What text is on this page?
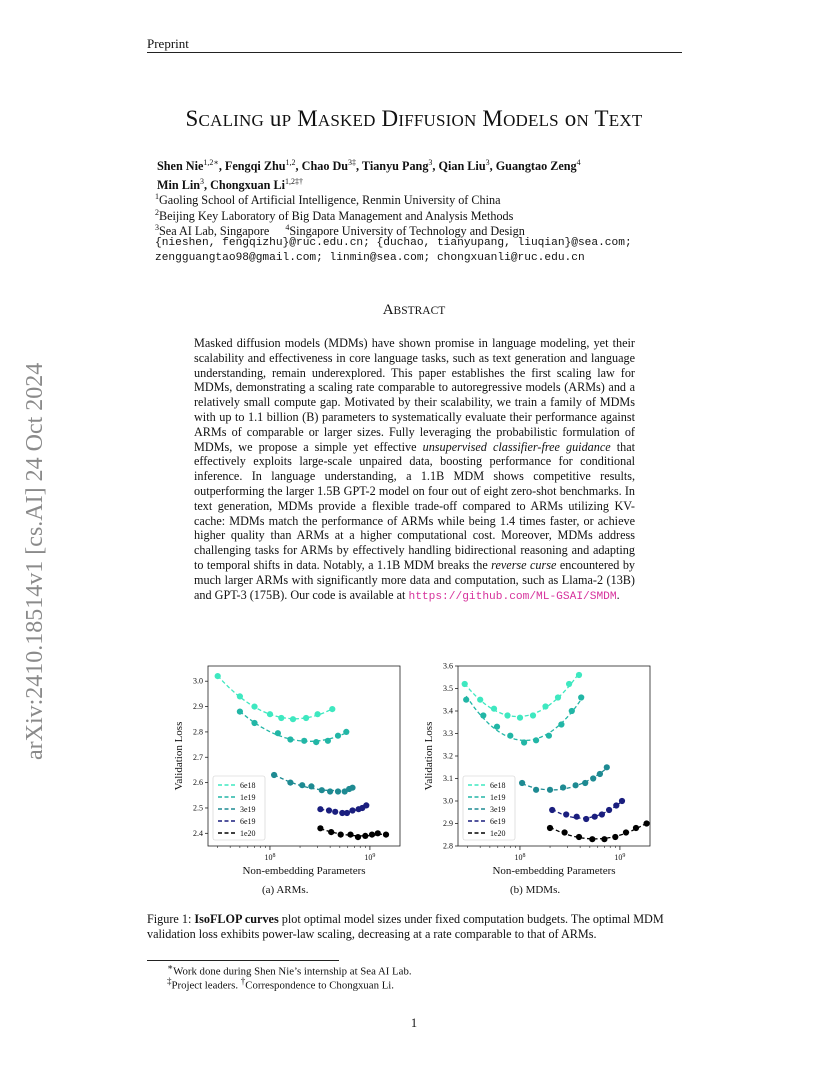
Preprint
SCALING uP MASKED DIFFUSION MODELS oN TEXT
Shen Nie$^{1,2∗}$, Fengqi Zhu$^{1,2}$, Chao $Du^{3\ddagger}$, Tianyu Pang$^3$, Qian Liu$^3$, Guangtao Zeng$^4$
Min Lin$^3$, Chongxuan $Li^{1,2\ddagger\dagger}$
$^1$Gaoling School of Artificial Intelligence, Renmin University of China
$^2$Beijing Key Laboratory of Big Data Management and Analysis Methods
$^3$Sea AI Lab, Singapore $^4$Singapore University of Technology and Design
{nieshen, fengqizhu}@ruc.edu.cn; {duchao, tianyupang, liuqian}@sea.com;
zengguangtao98@gmail.com; linmin@sea.com; chongxuanli@ruc.edu.cn
arXiv:2410.18514v1 [cs.AI] 24 Oct 2024
ABSTRACT
Masked diffusion models (MDMs) have shown promise in language modeling, yet their scalability and effectiveness in core language tasks, such as text generation and language understanding, remain underexplored. This paper establishes the first scaling law for MDMs, demonstrating a scaling rate comparable to autoregressive models (ARMs) and a relatively small compute gap. Motivated by their scalability, we train a family of MDMs with up to 1.1 billion (B) parameters to systematically evaluate their performance against ARMs of comparable or larger sizes. Fully leveraging the probabilistic formulation of MDMs, we propose a simple yet effective unsupervised classifier-free guidance that effectively exploits large-scale unpaired data, boosting performance for conditional inference. In language understanding, a 1.1B MDM shows competitive results, outperforming the larger 1.5B GPT-2 model on four out of eight zero-shot benchmarks. In text generation, MDMs provide a flexible trade-off compared to ARMs utilizing KV-cache: MDMs match the performance of ARMs while being 1.4 times faster, or achieve higher quality than ARMs at a higher computational cost. Moreover, MDMs address challenging tasks for ARMs by effectively handling bidirectional reasoning and adapting to temporal shifts in data. Notably, a 1.1B MDM breaks the reverse curse encountered by much larger ARMs with significantly more data and computation, such as Llama-2 (13B) and GPT-3 (175B). Our code is available at https://github.com/ML-GSAI/SMDM.
2.4
2.5
2.6
2.7
2.8
2.9
3.0
$10^8$	$10^9$
Non-embedding Parameters
Validation Loss	6e18
1e19
3e19
6e19
1e20
2.8
2.9
3.0
3.1
3.2
3.3
3.4
3.5
3.6
$10^8$	$10^9$
Non-embedding Parameters
Validation Loss	6e18
1e19
3e19
6e19
1e20
(a) ARMs.	(b) MDMs.
Figure 1: IsoFLOP curves plot optimal model sizes under fixed computation budgets. The optimal MDM validation loss exhibits power-law scaling, decreasing at a rate comparable to that of ARMs.
∗Work done during Shen Nie’s internship at Sea AI Lab.
‡Project leaders. †Correspondence to Chongxuan Li.
1
